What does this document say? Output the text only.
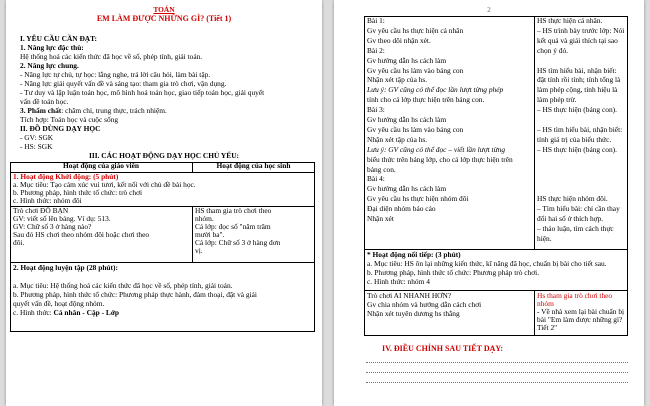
TOÁN
EM LÀM ĐƯỢC NHỮNG GÌ? (Tiết 1)
I. YÊU CẦU CẦN ĐẠT:
1. Năng lực đặc thù:
Hệ thống hoá các kiến thức đã học về số, phép tính, giải toán.
2. Năng lực chung.
- Năng lực tự chủ, tự học: lắng nghe, trả lời câu hỏi, làm bài tập.
- Năng lực giải quyết vấn đề và sáng tạo: tham gia trò chơi, vận dụng.
- Tư duy và lập luận toán học, mô hình hoá toán học, giao tiếp toán học, giải quyết
vấn đề toán học.
3. Phẩm chất: chăm chỉ, trung thực, trách nhiệm.
Tích hợp: Toán học và cuộc sống
II. ĐỒ DÙNG DẠY HỌC
- GV: SGK
- HS: SGK
III. CÁC HOẠT ĐỘNG DẠY HỌC CHỦ YẾU:
Hoạt động của giáo viên	Hoạt động của học sinh
1. Hoạt động Khởi động: (5 phút)
a. Mục tiêu: Tạo cảm xúc vui tươi, kết nối với chủ đề bài học.
b. Phương pháp, hình thức tổ chức: trò chơi
c. Hình thức: nhóm đôi
Trò chơi ĐỐ BẠN
GV: viết số lên bảng. Ví dụ: 513.
GV: Chữ số 3 ở hàng nào?
Sau đó HS chơi theo nhóm đôi hoặc chơi theo
đôi.
HS tham gia trò chơi theo
nhóm.
Cá lớp: đọc số "năm trăm
mười ba".
Cả lớp: Chữ số 3 ở hàng đơn
vị.
2. Hoạt động luyện tập (28 phút):
a. Mục tiêu: Hệ thống hoá các kiến thức đã học về số, phép tính, giải toán.
b. Phương pháp, hình thức tổ chức: Phương pháp thực hành, đàm thoại, đặt và giải
quyết vấn đề, hoạt động nhóm.
c. Hình thức: Cá nhân - Cặp - Lớp
2
Bài 1:
Gv yêu cầu hs thực hiện cá nhân
Gv theo dõi nhận xét.
Bài 2:
Gv hướng dẫn hs cách làm
Gv yêu cầu hs làm vào bảng con
Nhận xét tập của hs.
Lưu ý: GV cũng có thể đọc lần lượt từng phép
tính cho cả lớp thực hiện trên bảng con.
Bài 3:
Gv hướng dẫn hs cách làm
Gv yêu cầu hs làm vào bảng con
Nhận xét tập của hs.
Lưu ý: GV cũng có thể đọc – viết lần lượt từng
biểu thức trên bảng lớp, cho cả lớp thực hiện trên
bảng con.
Bài 4:
Gv hướng dẫn hs cách làm
Gv yêu cầu hs thực hiện nhóm đôi
Đại diện nhóm báo cáo
Nhận xét
HS thực hiện cá nhân.
– HS trình bày trước lớp: Nói
kết quả và giải thích tại sao
chọn ý đó.
HS tìm hiểu bài, nhận biết:
đặt tính rồi tính; tính tổng là
làm phép cộng, tính hiệu là
làm phép trừ.
– HS thực hiện (bảng con).
– HS tìm hiểu bài, nhận biết:
tính giá trị của biểu thức.
– HS thực hiện (bảng con).
HS thực hiện nhóm đôi.
– Tìm hiểu bài: chỉ cần thay
đổi hai số ở thích hợp.
– thảo luận, tìm cách thực
hiện.
* Hoạt động nối tiếp: (3 phút)
a. Mục tiêu: HS ôn lại những kiến thức, kĩ năng đã học, chuẩn bị bài cho tiết sau.
b. Phương pháp, hình thức tổ chức: Phương pháp trò chơi.
c. Hình thức: nhóm 4
Trò chơi AI NHANH HƠN?
Gv chia nhóm và hướng dẫn cách chơi
Nhận xét tuyên dương hs thắng
Hs tham gia trò chơi theo
nhóm
- Về nhà xem lại bài chuẩn bị
bài "Em làm được những gì?
Tiết 2"
IV. ĐIỀU CHỈNH SAU TIẾT DẠY:
